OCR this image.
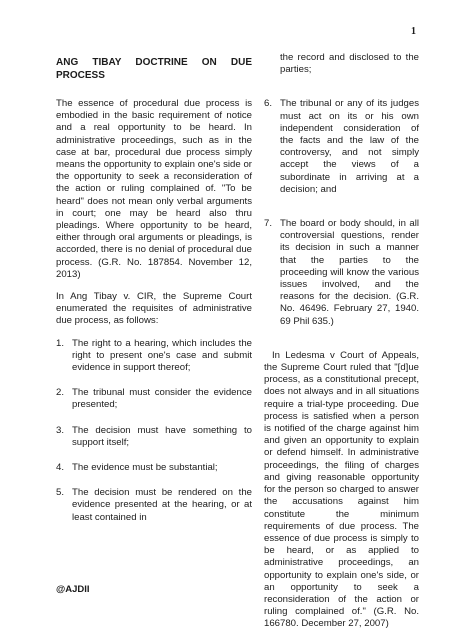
1
ANG TIBAY DOCTRINE ON DUE PROCESS

The essence of procedural due process is embodied in the basic requirement of notice and a real opportunity to be heard. In administrative proceedings, such as in the case at bar, procedural due process simply means the opportunity to explain one's side or the opportunity to seek a reconsideration of the action or ruling complained of. "To be heard" does not mean only verbal arguments in court; one may be heard also thru pleadings. Where opportunity to be heard, either through oral arguments or pleadings, is accorded, there is no denial of procedural due process. (G.R. No. 187854. November 12, 2013)

In Ang Tibay v. CIR, the Supreme Court enumerated the requisites of administrative due process, as follows:

1. The right to a hearing, which includes the right to present one's case and submit evidence in support thereof;
2. The tribunal must consider the evidence presented;
3. The decision must have something to support itself;
4. The evidence must be substantial;
5. The decision must be rendered on the evidence presented at the hearing, or at least contained in
the record and disclosed to the parties;
6. The tribunal or any of its judges must act on its or his own independent consideration of the facts and the law of the controversy, and not simply accept the views of a subordinate in arriving at a decision; and
7. The board or body should, in all controversial questions, render its decision in such a manner that the parties to the proceeding will know the various issues involved, and the reasons for the decision. (G.R. No. 46496. February 27, 1940. 69 Phil 635.)

In Ledesma v Court of Appeals, the Supreme Court ruled that "[d]ue process, as a constitutional precept, does not always and in all situations require a trial-type proceeding. Due process is satisfied when a person is notified of the charge against him and given an opportunity to explain or defend himself. In administrative proceedings, the filing of charges and giving reasonable opportunity for the person so charged to answer the accusations against him constitute the minimum requirements of due process. The essence of due process is simply to be heard, or as applied to administrative proceedings, an opportunity to explain one's side, or an opportunity to seek a reconsideration of the action or ruling complained of." (G.R. No. 166780. December 27, 2007)

@AJDII
